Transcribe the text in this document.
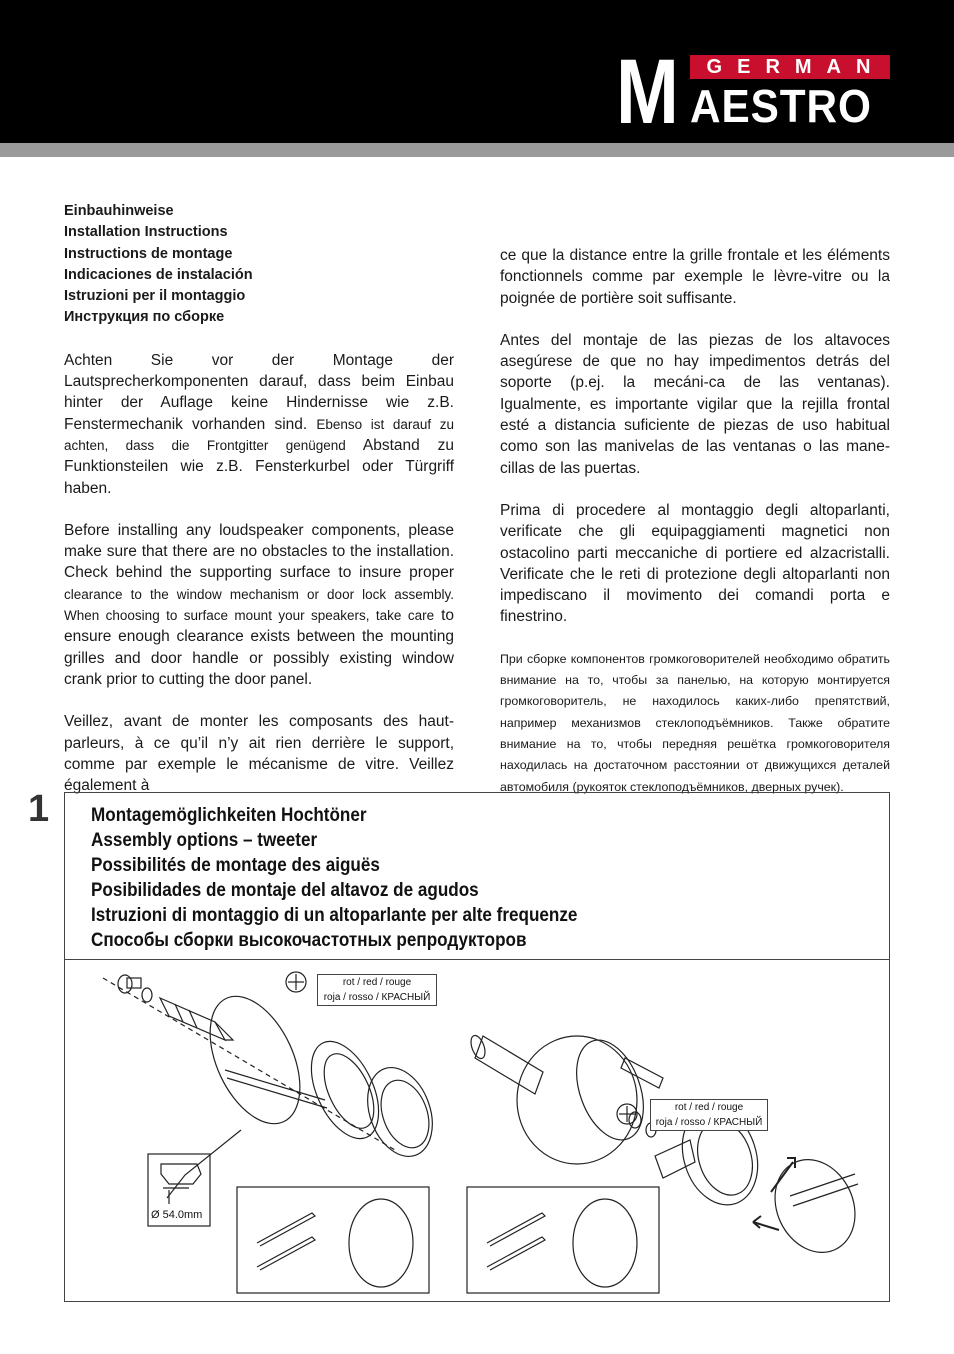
M	GERMAN
AESTRO
Einbauhinweise
Installation Instructions
Instructions de montage
Indicaciones de instalación
Istruzioni per il montaggio
Инструкция по сборке

Achten Sie vor der Montage der Lautsprecherkomponenten darauf, dass beim Einbau hinter der Auflage keine Hindernisse wie z.B. Fenstermechanik vorhanden sind. Ebenso ist darauf zu achten, dass die Frontgitter genügend Abstand zu Funktionsteilen wie z.B. Fensterkurbel oder Türgriff haben.

Before installing any loudspeaker components, please make sure that there are no obstacles to the installation. Check behind the supporting surface to insure proper clearance to the window mechanism or door lock assembly. When choosing to surface mount your speakers, take care to ensure enough clearance exists between the mounting grilles and door handle or possibly existing window crank prior to cutting the door panel.

Veillez, avant de monter les composants des haut-parleurs, à ce qu’il n’y ait rien derrière le support, comme par exemple le mécanisme de vitre. Veillez également à

ce que la distance entre la grille frontale et les éléments fonctionnels comme par exemple le lèvre-vitre ou la poignée de portière soit suffisante.

Antes del montaje de las piezas de los altavoces asegúrese de que no hay impedimentos detrás del soporte (p.ej. la mecáni-ca de las ventanas). Igualmente, es importante vigilar que la rejilla frontal esté a distancia suficiente de piezas de uso habitual como son las manivelas de las ventanas o las mane-cillas de las puertas.

Prima di procedere al montaggio degli altoparlanti, verificate che gli equipaggiamenti magnetici non ostacolino parti meccaniche di portiere ed alzacristalli. Verificate che le reti di protezione degli altoparlanti non impediscano il movimento dei comandi porta e finestrino.

При сборке компонентов громкоговорителей необходимо обратить внимание на то, чтобы за панелью, на которую монтируется громкоговоритель, не находилось каких-либо препятствий, например механизмов стеклоподъёмников. Также обратите внимание на то, чтобы передняя решётка громкоговорителя находилась на достаточном расстоянии от движущихся деталей автомобиля (рукояток стеклоподъёмников, дверных ручек).

1 Montagemöglichkeiten Hochtöner
Assembly options – tweeter
Possibilités de montage des aiguës
Posibilidades de montaje del altavoz de agudos
Istruzioni di montaggio di un altoparlante per alte frequenze
Способы сборки высокочастотных репродукторов
rot / red / rouge
roja / rosso / КРАСНЫЙ
rot / red / rouge
roja / rosso / КРАСНЫЙ
Ø 54.0mm
